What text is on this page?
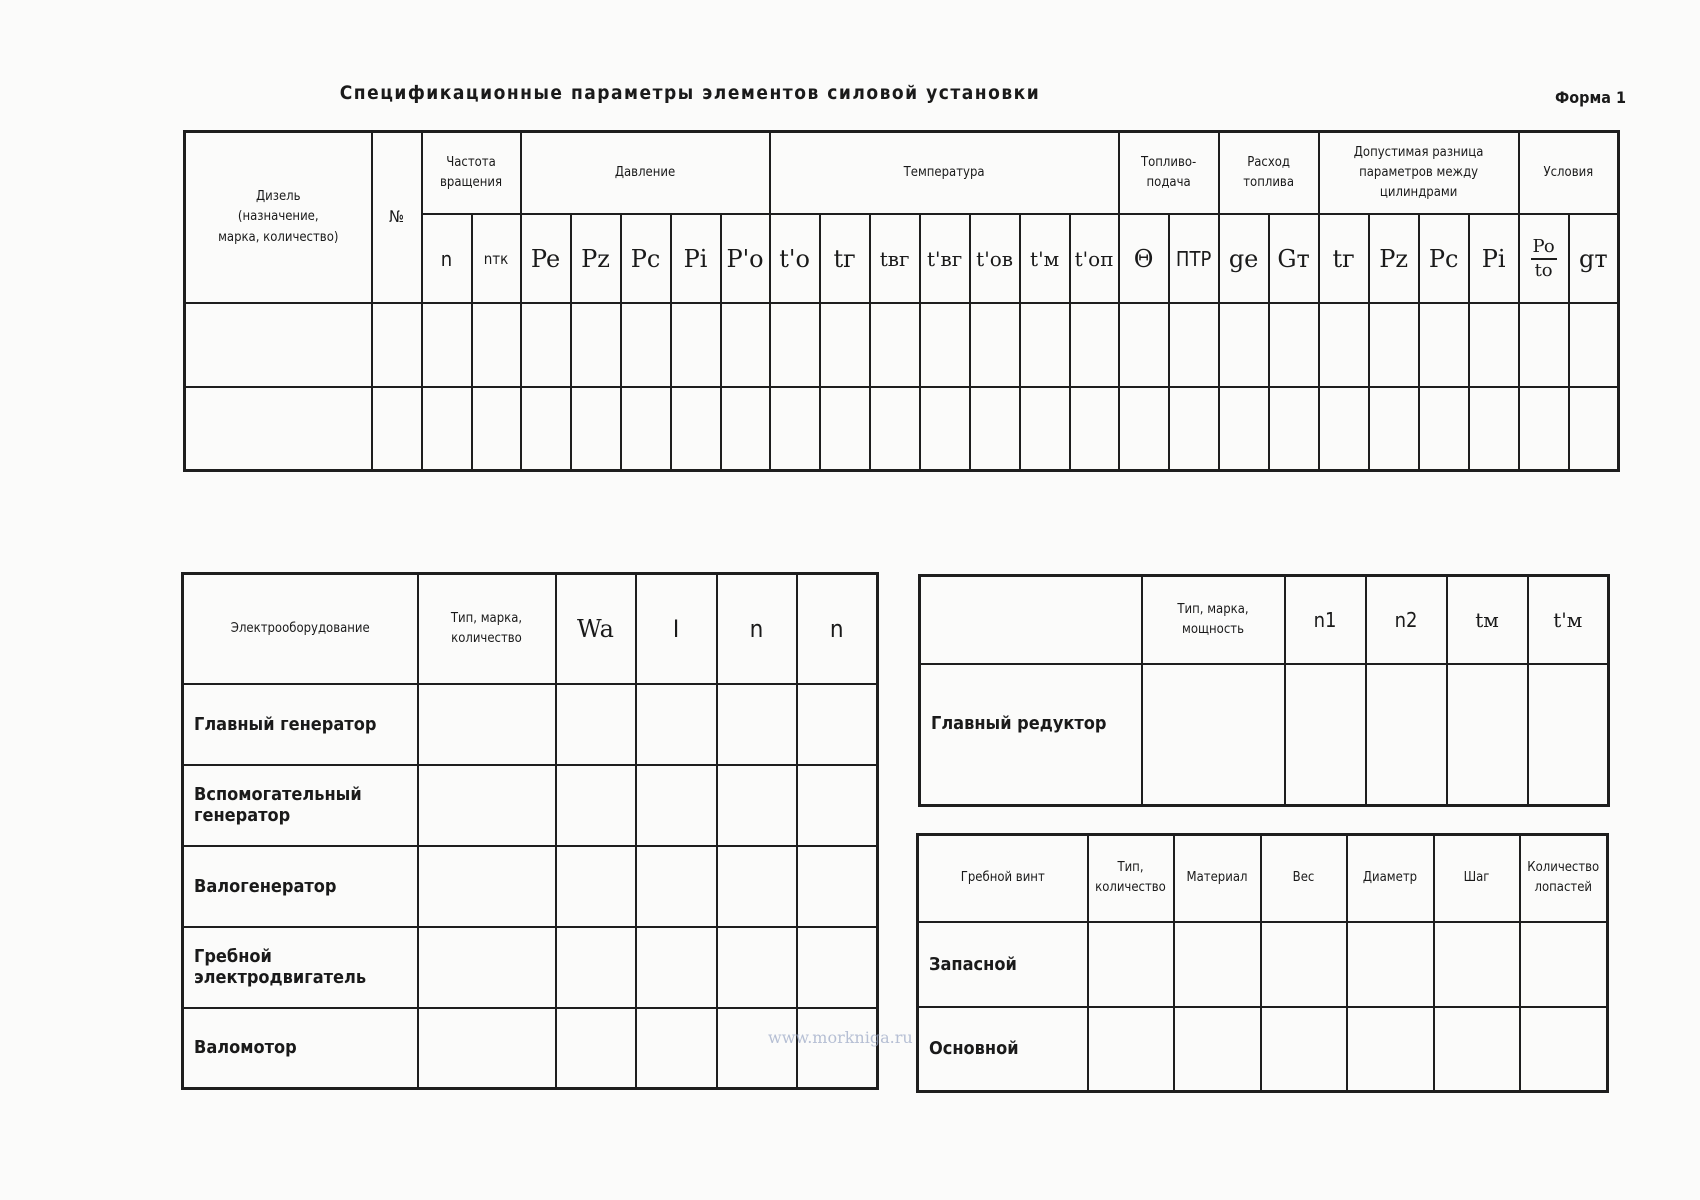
Спецификационные параметры элементов силовой установки	Форма 1
Дизель (назначение, марка, количество)	№	Частота вращения		Давление					Температура							Топливо-подача		Расход топлива		Допустимая разница параметров между цилиндрами				Условия	
		n	nтк	Pe	Pz	Pc	Pi	P'o	t'o	tг	tвг	t'вг	t'ов	t'м	t'оп	Θ	ПТР	ge	Gт	tг	Pz	Pc	Pi	$\frac{Po}{to}$	gт

Электрооборудование	Тип, марка, количество	Wa	I	n	n
Главный генератор					
Вспомогательный генератор					
Валогенератор					
Гребной электродвигатель					
Валомотор					
	Тип, марка, мощность	n1	n2	tм	t'м
Главный редуктор					
Гребной винт	Тип, количество	Материал	Вес	Диаметр	Шаг	Количество лопастей
Запасной						
Основной						
www.morkniga.ru
